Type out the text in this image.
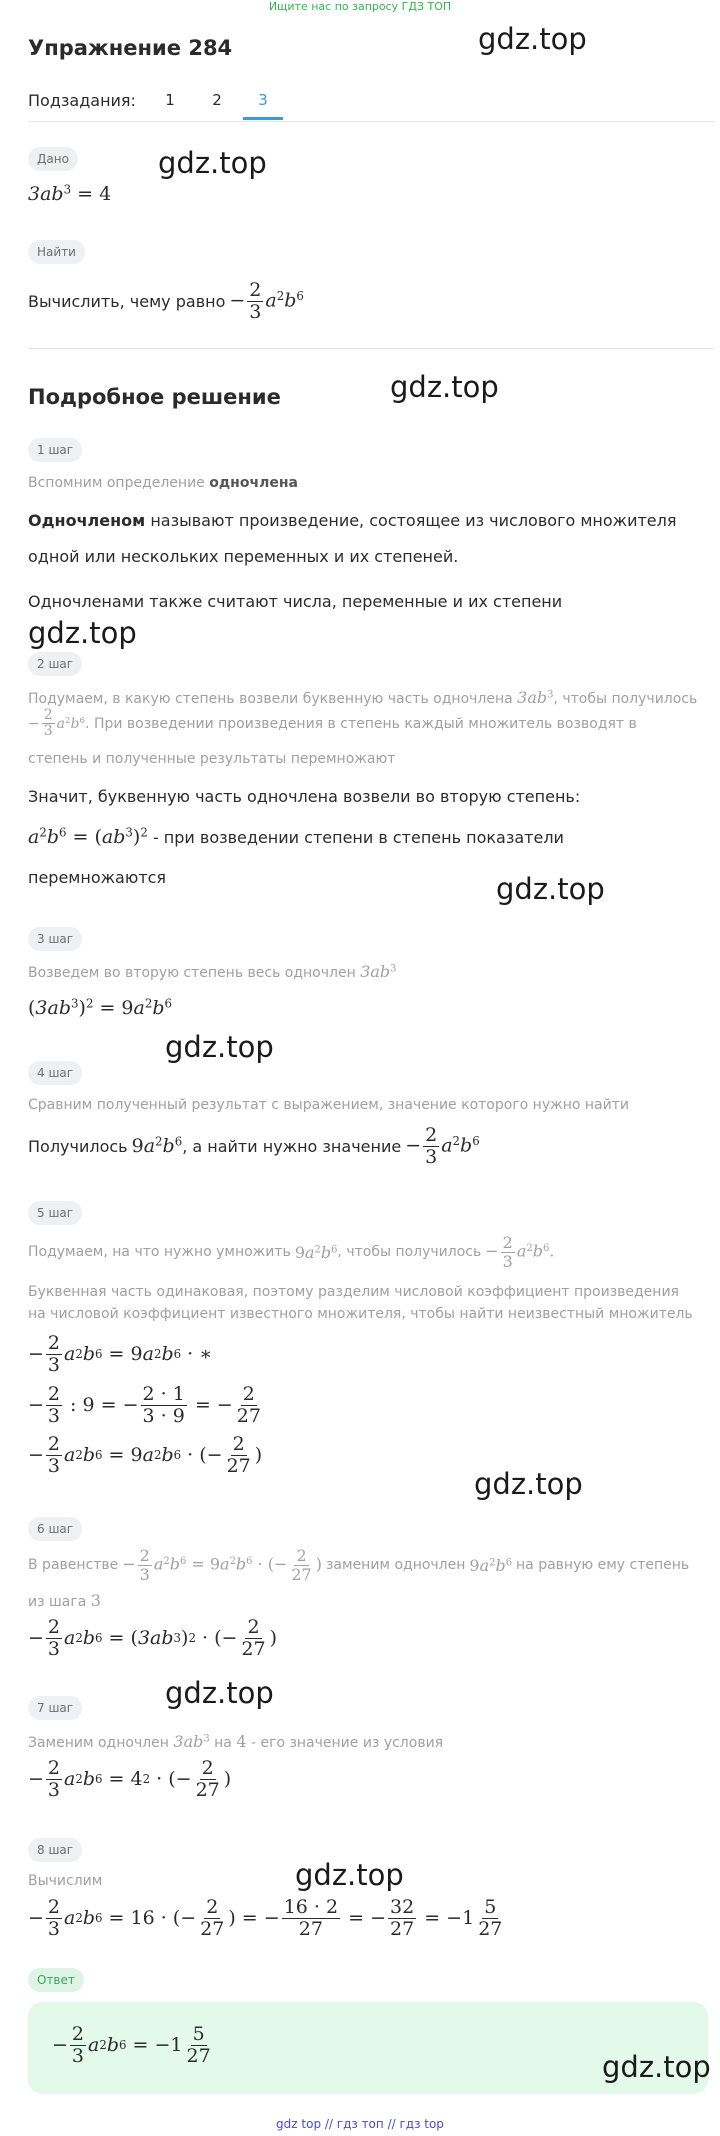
Ищите нас по запросу ГДЗ ТОП
Упражнение 284	gdz.top
Подзадания:	1	2	3
Дано
$3ab^3 = 4$
gdz.top
Найти
Вычислить, чему равно − $\frac{2}{3} a^2b^6$
Подробное решение	gdz.top
1 шаг
Вспомним определение одночлена
Одночленом называют произведение, состоящее из числового множителя
одной или нескольких переменных и их степеней.
Одночленами также считают числа, переменные и их степени
gdz.top
2 шаг
Подумаем, в какую степень возвели буквенную часть одночлена $3ab^3$, чтобы получилось
− $\frac{2}{3} a^2b^6$ . При возведении произведения в степень каждый множитель возводят в
степень и полученные результаты перемножают
Значит, буквенную часть одночлена возвели во вторую степень:
$a^2b^6 = (ab^3)^2$ - при возведении степени в степень показатели
перемножаются	gdz.top
3 шаг
Возведем во вторую степень весь одночлен $3ab^3$
$(3ab^3)^2 = 9a^2b^6$
gdz.top
4 шаг
Сравним полученный результат с выражением, значение которого нужно найти
Получилось $9a^2b^6$ , а найти нужно значение − $\frac{2}{3} a^2b^6$
5 шаг
Подумаем, на что нужно умножить $9a^2b^6$ , чтобы получилось − $\frac{2}{3} a^2b^6$.
Буквенная часть одинаковая, поэтому разделим числовой коэффициент произведения
на числовой коэффициент известного множителя, чтобы найти неизвестный множитель
− $\frac{2}{3}$ a 2 b 6 = 9 a 2 b 6 · ∗
− $\frac{2}{3}$ : 9 = − $\frac{2 \cdot 1}{3 \cdot 9}$ = − $\frac{2}{27}$
− $\frac{2}{3}$ a 2 b 6 = 9 a 2 b 6 · (− $\frac{2}{27}$ )
gdz.top
6 шаг
В равенстве − $\frac{2}{3} a^2b^6 = 9a^2b^6$ · (− $\frac{2}{27}$ ) заменим одночлен $9a^2b^6$ на равную ему степень
из шага 3
− $\frac{2}{3}$ a 2 b 6 = ( 3ab 3 ) 2 · (− $\frac{2}{27}$ )
7 шаг	gdz.top
Заменим одночлен $3ab^3$ на 4 - его значение из условия
− $\frac{2}{3}$ a 2 b 6 = 4 2 · (− $\frac{2}{27}$ )
8 шаг
gdz.top
Вычислим
− $\frac{2}{3}$ a 2 b 6 = 16 · (− $\frac{2}{27}$ ) = − $\frac{16 \cdot 2}{27}$ = − $\frac{32}{27} = -1 \frac{5}{27}$
Ответ
− $\frac{2}{3}$ a 2 b $6 = -1 \frac{5}{27}$
gdz.top
gdz top // гдз топ // гдз top
